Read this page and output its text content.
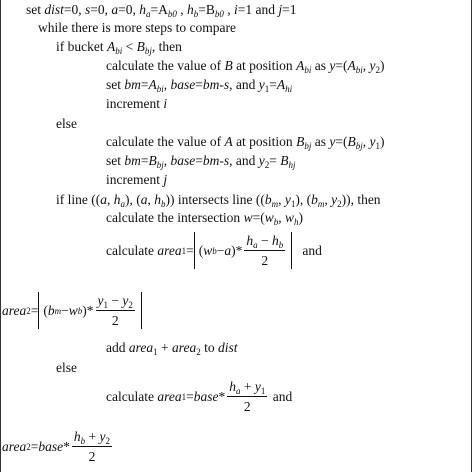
set dist=0, s=0, a=0, $h_a=A_{b0}$ , $h_b=B_{b0}$ , i=1 and j=1
while there is more steps to compare
if bucket $A_{bi} < B_{bj}$, then
calculate the value of B at position $A_{bi}$ as $y=(A_{bi}$, $y_2$)
set $bm=A_{bi}$, base=bm-s, and $y_1=A_{hi}$
increment i
else
calculate the value of A at position $B_{bj}$ as $y=(B_{bj}$, $y_1$)
set $bm=B_{bj}$, base=bm-s, and $y_2= B_{hj}$
increment j
if line ((a, $h_a$), (a, $h_b$)) intersects line (($b_m$, $y_1$), ($b_m$, $y_2$)), then
calculate the intersection $w=(w_b$, $w_h$)
calculate
area 1 = ( w b − a ) * $\frac{h_a - h_b}{2}$
and
area 2 = ( b m − w b ) * $\frac{y_1 - y_2}{2}$
add area$_1$ + area$_2$ to dist
else
calculate
area 1 = base * $\frac{h_a + y_1}{2}$
and
area 2 = base * $\frac{h_b + y_2}{2}$
